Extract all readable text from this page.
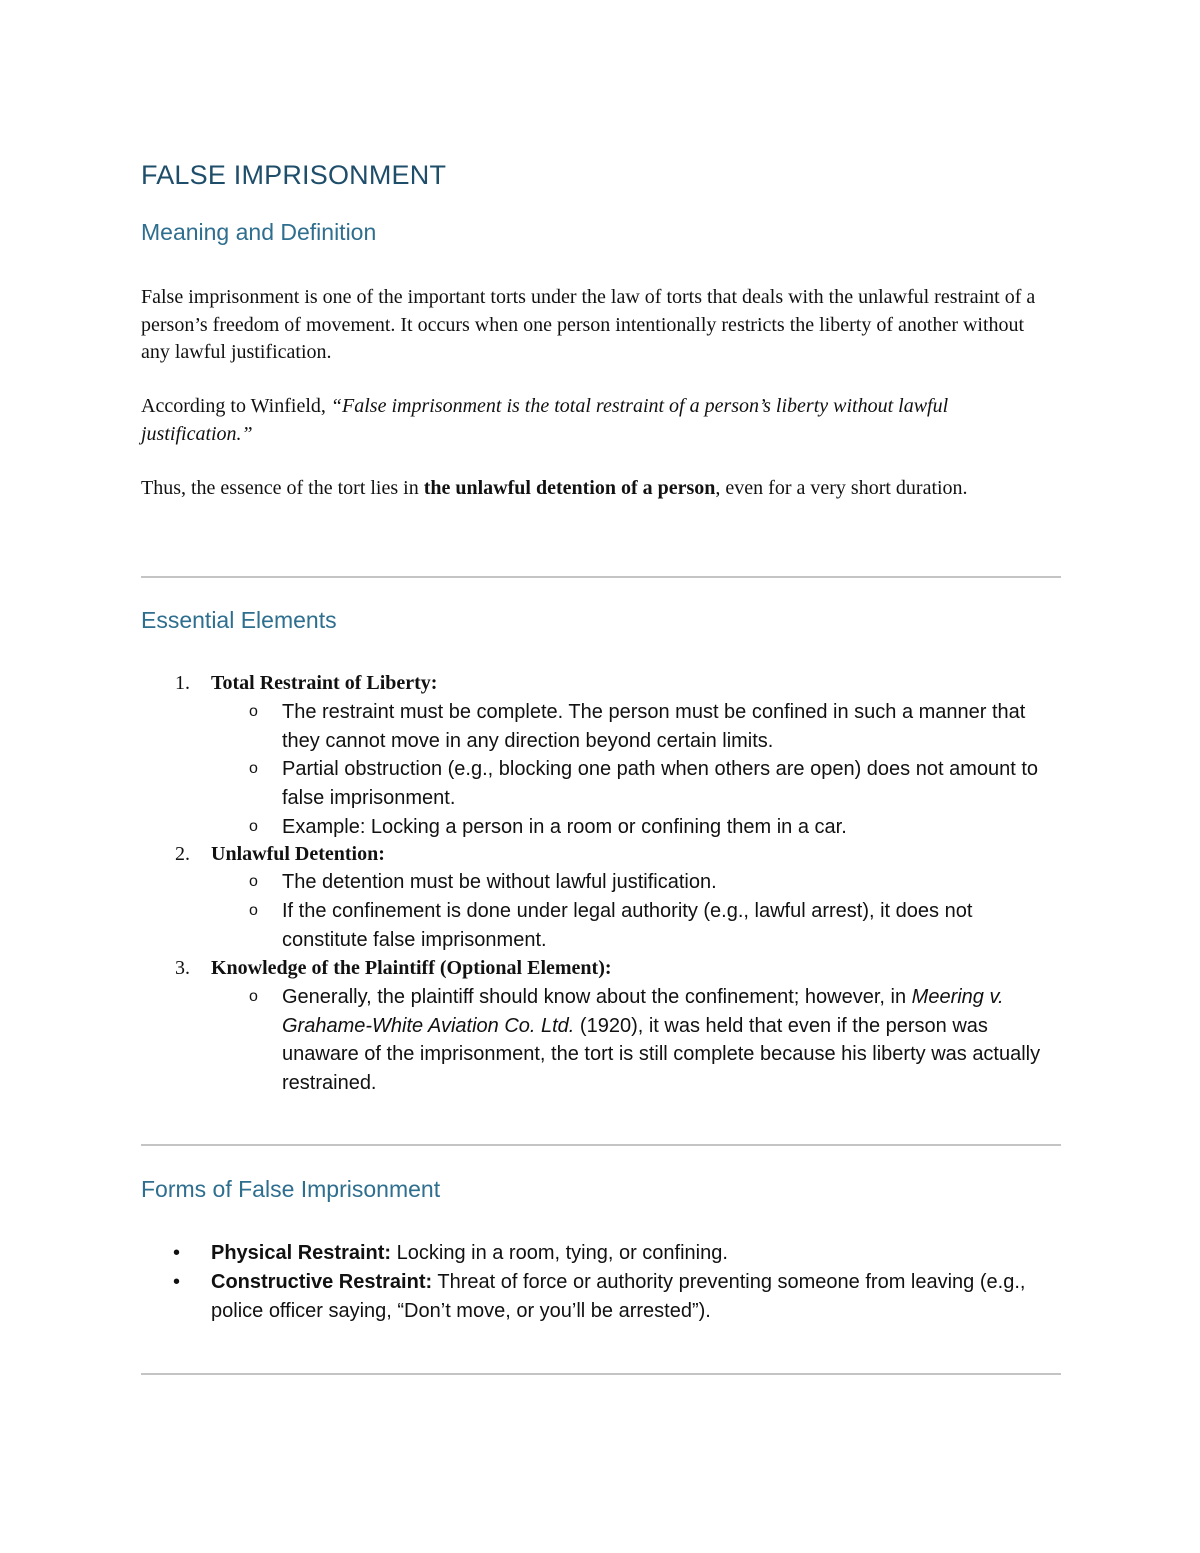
FALSE IMPRISONMENT
Meaning and Definition

False imprisonment is one of the important torts under the law of torts that deals with the unlawful restraint of a person’s freedom of movement. It occurs when one person intentionally restricts the liberty of another without any lawful justification.

According to Winfield, “False imprisonment is the total restraint of a person’s liberty without lawful justification.”

Thus, the essence of the tort lies in the unlawful detention of a person, even for a very short duration.

Essential Elements
1. Total Restraint of Liberty:
o The restraint must be complete. The person must be confined in such a manner that they cannot move in any direction beyond certain limits.
o Partial obstruction (e.g., blocking one path when others are open) does not amount to false imprisonment.
o Example: Locking a person in a room or confining them in a car.
2. Unlawful Detention:
o The detention must be without lawful justification.
o If the confinement is done under legal authority (e.g., lawful arrest), it does not constitute false imprisonment.
3. Knowledge of the Plaintiff (Optional Element):
o Generally, the plaintiff should know about the confinement; however, in Meering v. Grahame-White Aviation Co. Ltd. (1920), it was held that even if the person was unaware of the imprisonment, the tort is still complete because his liberty was actually restrained.
Forms of False Imprisonment
• Physical Restraint: Locking in a room, tying, or confining.
• Constructive Restraint: Threat of force or authority preventing someone from leaving (e.g., police officer saying, “Don’t move, or you’ll be arrested”).
